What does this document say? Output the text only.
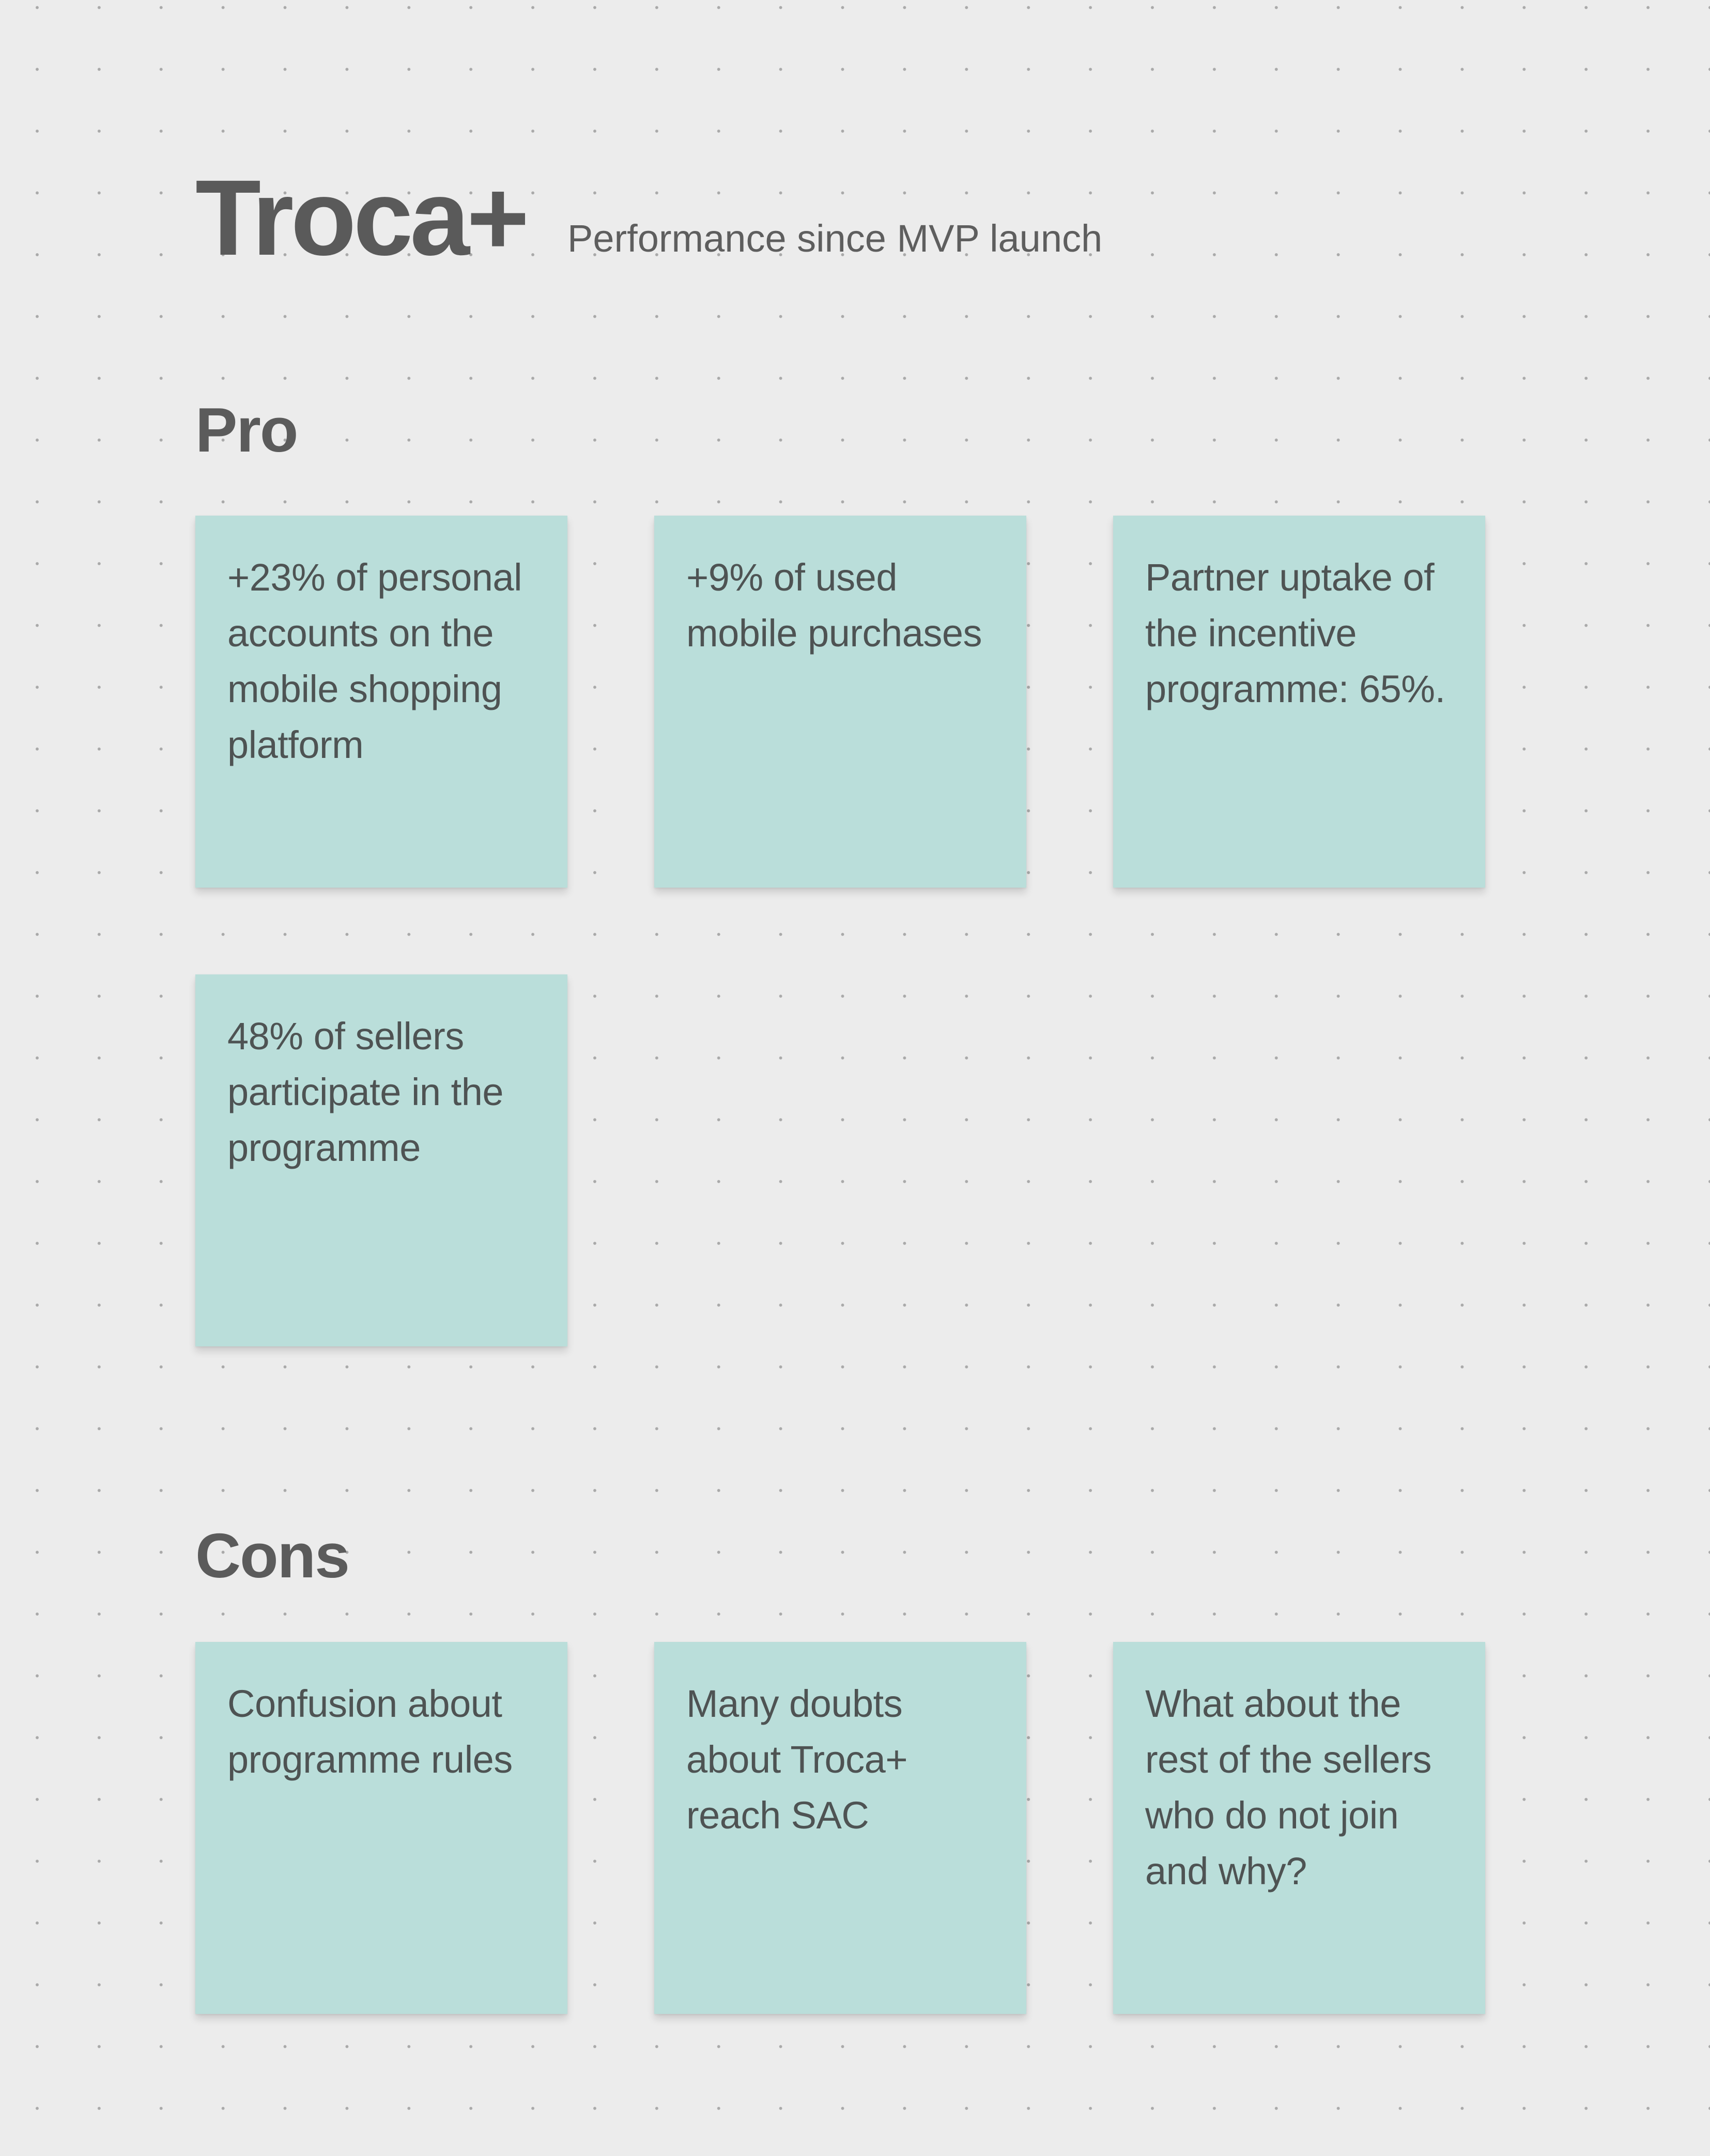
Troca+ Performance since MVP launch
Pro
+23% of personal accounts on the mobile shopping platform
+9% of used mobile purchases
Partner uptake of the incentive programme: 65%.
48% of sellers participate in the programme
Cons
Confusion about programme rules
Many doubts about Troca+ reach SAC
What about the rest of the sellers who do not join and why?
